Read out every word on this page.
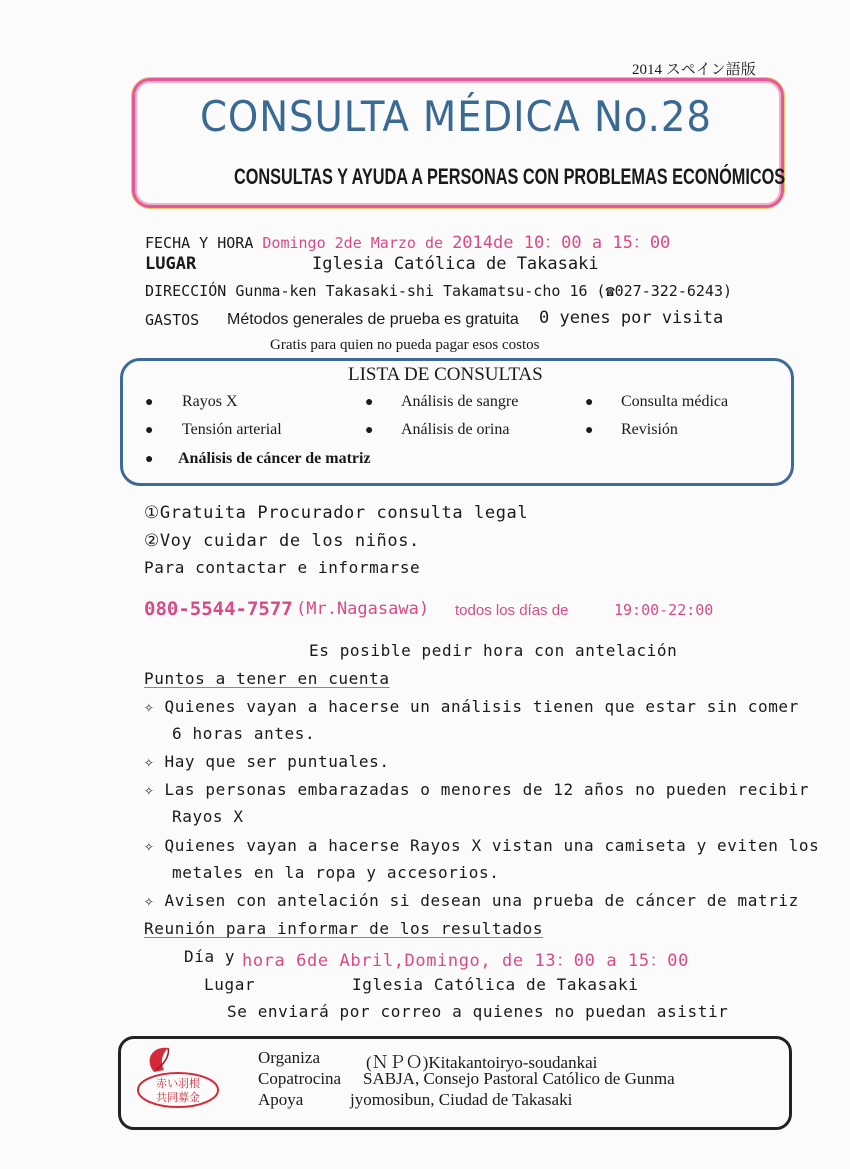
2014 スペイン語版
CONSULTA MÉDICA No.28
CONSULTAS Y AYUDA A PERSONAS CON PROBLEMAS ECONÓMICOS
FECHA Y HORA Domingo 2de Marzo de 2014de 10：00 a 15：00
LUGAR	Iglesia Católica de Takasaki
DIRECCIÓN Gunma-ken Takasaki-shi Takamatsu-cho 16 (☎027-322-6243)
GASTOS Métodos generales de prueba es gratuita 0 yenes por visita
Gratis para quien no pueda pagar esos costos
LISTA DE CONSULTAS
● Rayos X	● Análisis de sangre	● Consulta médica
● Tensión arterial	● Análisis de orina	● Revisión
● Análisis de cáncer de matriz
①Gratuita Procurador consulta legal
②Voy cuidar de los niños.
Para contactar e informarse
080-5544-7577 (Mr.Nagasawa) todos los días de	19:00-22:00
Es posible pedir hora con antelación
Puntos a tener en cuenta
✧ Quienes vayan a hacerse un análisis tienen que estar sin comer
6 horas antes.
✧ Hay que ser puntuales.
✧ Las personas embarazadas o menores de 12 años no pueden recibir
Rayos X
✧ Quienes vayan a hacerse Rayos X vistan una camiseta y eviten los
metales en la ropa y accesorios.
✧ Avisen con antelación si desean una prueba de cáncer de matriz
Reunión para informar de los resultados
Día y hora 6de Abril,Domingo, de 13：00 a 15：00
Lugar	Iglesia Católica de Takasaki
Se enviará por correo a quienes no puedan asistir
赤い羽根
共同募金
Organiza	(ＮＰＯ)Kitakantoiryo-soudankai
Copatrocina SABJA, Consejo Pastoral Católico de Gunma
Apoya	jyomosibun, Ciudad de Takasaki
